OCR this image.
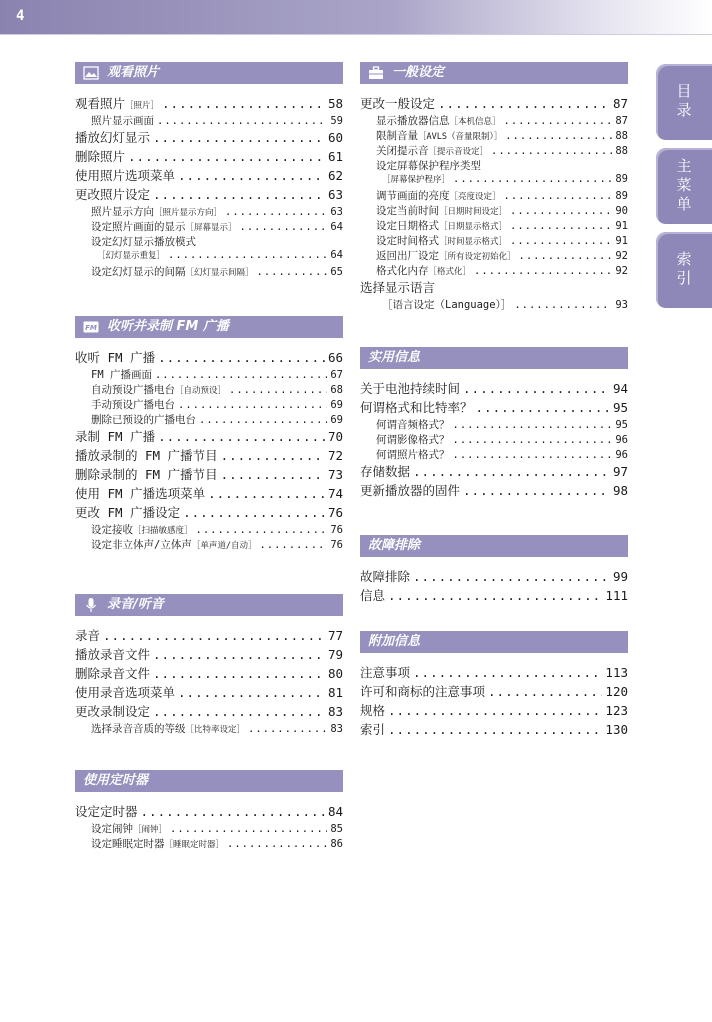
4
观看照片
观看照片 ［照片］ .....	58
照片显示画面 .....	59
播放幻灯显示 .....	60
删除照片 .....	61
使用照片选项菜单 .....	62
更改照片设定 .....	63
照片显示方向 ［照片显示方向］ .....	63
设定照片画面的显示 ［屏幕显示］ .....	64
设定幻灯显示播放模式
［幻灯显示重复］ .....	64
设定幻灯显示的间隔 ［幻灯显示间隔］ .....	65
FM 收听并录制 FM 广播
收听 FM 广播 .....	66
FM 广播画面 .....	67
自动预设广播电台 ［自动预设］ .....	68
手动预设广播电台 .....	69
删除已预设的广播电台 .....	69
录制 FM 广播 .....	70
播放录制的 FM 广播节目 .....	72
删除录制的 FM 广播节目 .....	73
使用 FM 广播选项菜单 .....	74
更改 FM 广播设定 .....	76
设定接收 ［扫描敏感度］ .....	76
设定非立体声/立体声 ［单声道/自动］ .....	76
录音/听音
录音 .....	77
播放录音文件 .....	79
删除录音文件 .....	80
使用录音选项菜单 .....	81
更改录制设定 .....	83
选择录音音质的等级 ［比特率设定］ .....	83
使用定时器
设定定时器 .....	84
设定闹钟 ［闹钟］ .....	85
设定睡眠定时器 ［睡眠定时器］ .....	86
一般设定
更改一般设定 .....	87
显示播放器信息 ［本机信息］ .....	87
限制音量 ［AVLS（音量限制）］ .....	88
关闭提示音 ［提示音设定］ .....	88
设定屏幕保护程序类型
［屏幕保护程序］ .....	89
调节画面的亮度 ［亮度设定］ .....	89
设定当前时间 ［日期时间设定］ .....	90
设定日期格式 ［日期显示格式］ .....	91
设定时间格式 ［时间显示格式］ .....	91
返回出厂设定 ［所有设定初始化］ .....	92
格式化内存 ［格式化］ .....	92
选择显示语言
［语言设定（Language）］ .....	93
实用信息
关于电池持续时间 .....	94
何谓格式和比特率？ .....	95
何谓音频格式？ .....	95
何谓影像格式？ .....	96
何谓照片格式？ .....	96
存储数据 .....	97
更新播放器的固件 .....	98
故障排除
故障排除 .....	99
信息 .....	111
附加信息
注意事项 .....	113
许可和商标的注意事项 .....	120
规格 .....	123
索引 .....	130
目录
主菜单
索引
